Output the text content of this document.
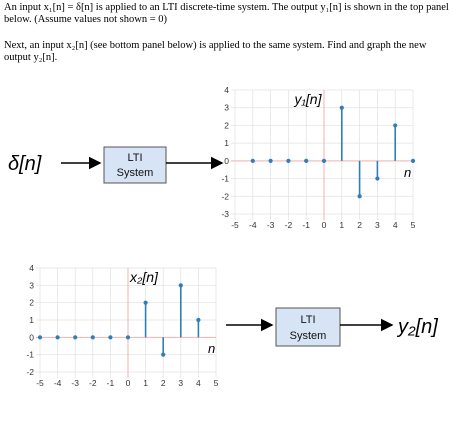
An input x₁[n] = δ[n] is applied to an LTI discrete-time system. The output y₁[n] is shown in the top panel
below. (Assume values not shown = 0)
Next, an input x₂[n] (see bottom panel below) is applied to the same system. Find and graph the new
output y₂[n].
δ[n]	LTI
System
-5 -4 -3 -2 -1 0 1 2 3 4 5
-3
-2
-1
0
1
2
3
4
y₁[n]
n
-5 -4 -3 -2 -1 0 1 2 3 4 5
-2
-1
0
1
2
3
4
x₂[n]
n
LTI
System	y₂[n]
